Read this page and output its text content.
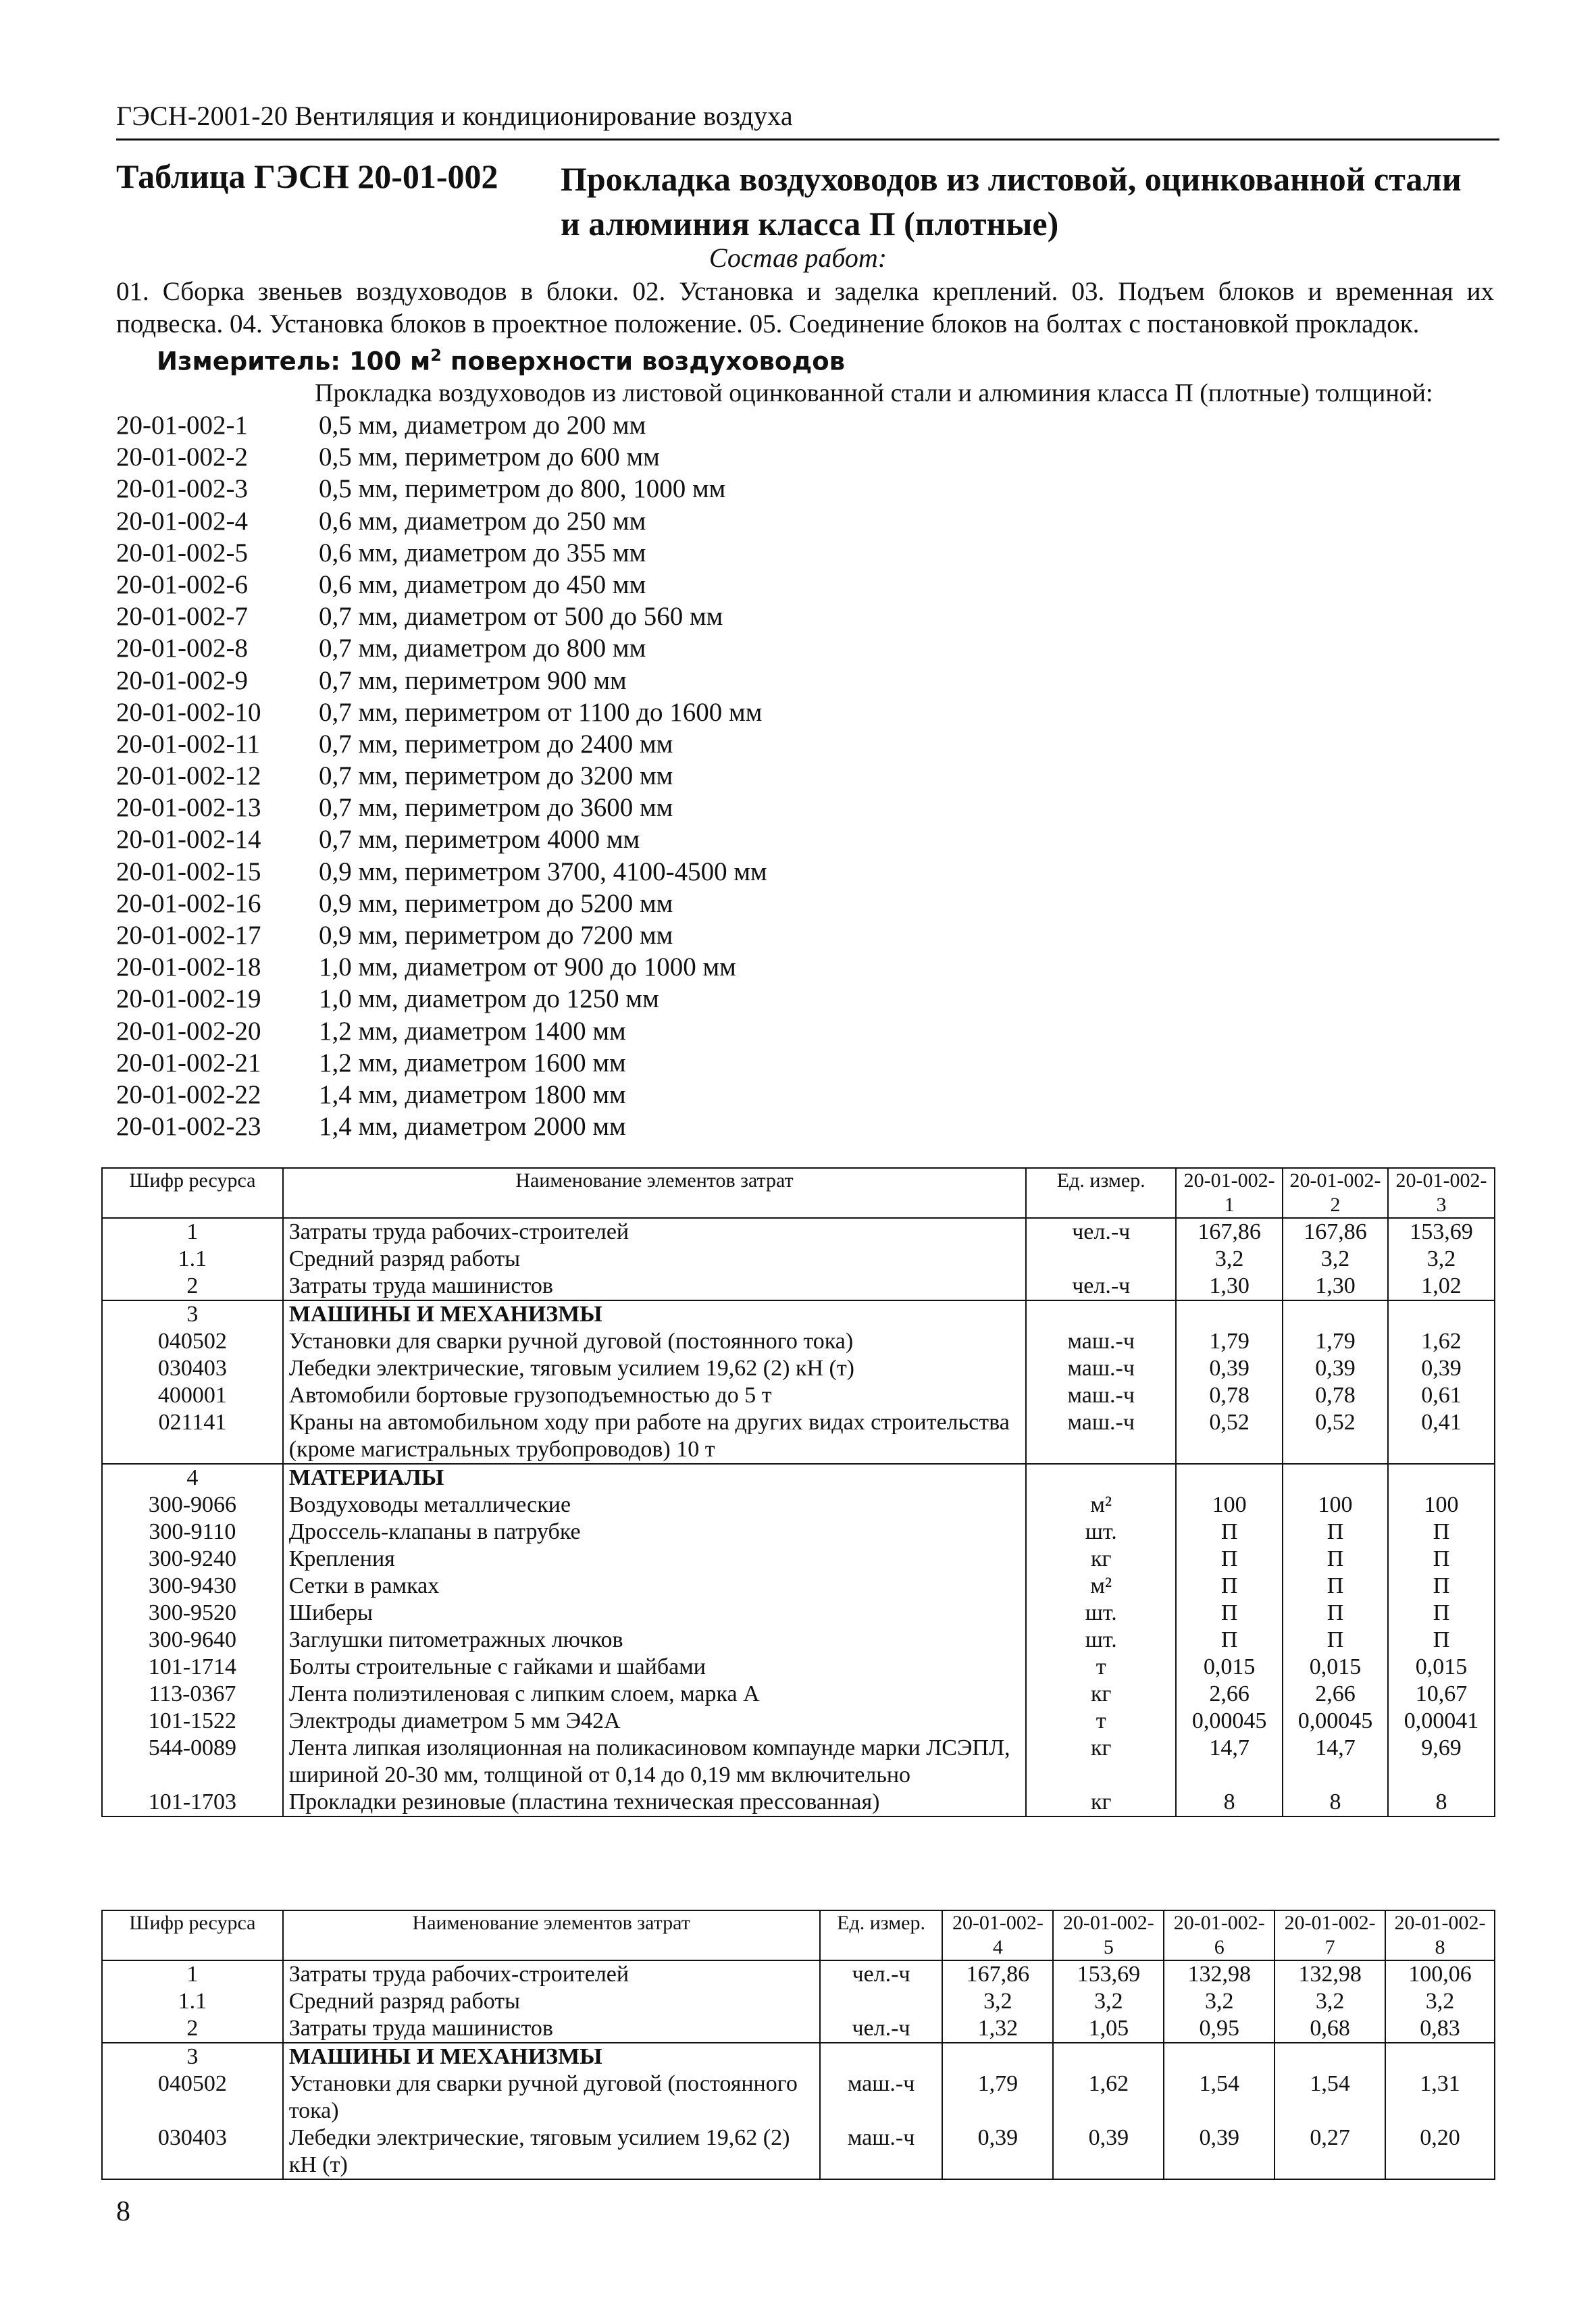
ГЭСН-2001-20 Вентиляция и кондиционирование воздуха
Таблица ГЭСН 20-01-002 Прокладка воздуховодов из листовой, оцинкованной стали
и алюминия класса П (плотные)
Состав работ:
01. Сборка звеньев воздуховодов в блоки. 02. Установка и заделка креплений. 03. Подъем блоков и временная их подвеска. 04. Установка блоков в проектное положение. 05. Соединение блоков на болтах с постановкой прокладок.
Измеритель: 100 $м^2$ поверхности воздуховодов
Прокладка воздуховодов из листовой оцинкованной стали и алюминия класса П (плотные) толщиной:
20-01-002-1	0,5 мм, диаметром до 200 мм
20-01-002-2	0,5 мм, периметром до 600 мм
20-01-002-3	0,5 мм, периметром до 800, 1000 мм
20-01-002-4	0,6 мм, диаметром до 250 мм
20-01-002-5	0,6 мм, диаметром до 355 мм
20-01-002-6	0,6 мм, диаметром до 450 мм
20-01-002-7	0,7 мм, диаметром от 500 до 560 мм
20-01-002-8	0,7 мм, диаметром до 800 мм
20-01-002-9	0,7 мм, периметром 900 мм
20-01-002-10 0,7 мм, периметром от 1100 до 1600 мм
20-01-002-11 0,7 мм, периметром до 2400 мм
20-01-002-12 0,7 мм, периметром до 3200 мм
20-01-002-13 0,7 мм, периметром до 3600 мм
20-01-002-14 0,7 мм, периметром 4000 мм
20-01-002-15 0,9 мм, периметром 3700, 4100-4500 мм
20-01-002-16 0,9 мм, периметром до 5200 мм
20-01-002-17 0,9 мм, периметром до 7200 мм
20-01-002-18 1,0 мм, диаметром от 900 до 1000 мм
20-01-002-19 1,0 мм, диаметром до 1250 мм
20-01-002-20 1,2 мм, диаметром 1400 мм
20-01-002-21 1,2 мм, диаметром 1600 мм
20-01-002-22 1,4 мм, диаметром 1800 мм
20-01-002-23 1,4 мм, диаметром 2000 мм
Шифр ресурса	Наименование элементов затрат	Ед. измер.	20-01-002-1	20-01-002-2	20-01-002-3
1	Затраты труда рабочих-строителей	чел.-ч	167,86	167,86	153,69
1.1	Средний разряд работы		3,2	3,2	3,2
2	Затраты труда машинистов	чел.-ч	1,30	1,30	1,02
3	МАШИНЫ И МЕХАНИЗМЫ				
040502	Установки для сварки ручной дуговой (постоянного тока)	маш.-ч	1,79	1,79	1,62
030403	Лебедки электрические, тяговым усилием 19,62 (2) кН (т)	маш.-ч	0,39	0,39	0,39
400001	Автомобили бортовые грузоподъемностью до 5 т	маш.-ч	0,78	0,78	0,61
021141	Краны на автомобильном ходу при работе на других видах строительства (кроме магистральных трубопроводов) 10 т	маш.-ч	0,52	0,52	0,41
4	МАТЕРИАЛЫ				
300-9066	Воздуховоды металлические	м²	100	100	100
300-9110	Дроссель-клапаны в патрубке	шт.	П	П	П
300-9240	Крепления	кг	П	П	П
300-9430	Сетки в рамках	м²	П	П	П
300-9520	Шиберы	шт.	П	П	П
300-9640	Заглушки питометражных лючков	шт.	П	П	П
101-1714	Болты строительные с гайками и шайбами	т	0,015	0,015	0,015
113-0367	Лента полиэтиленовая с липким слоем, марка А	кг	2,66	2,66	10,67
101-1522	Электроды диаметром 5 мм Э42А	т	0,00045	0,00045	0,00041
544-0089	Лента липкая изоляционная на поликасиновом компаунде марки ЛСЭПЛ, шириной 20-30 мм, толщиной от 0,14 до 0,19 мм включительно	кг	14,7	14,7	9,69
101-1703	Прокладки резиновые (пластина техническая прессованная)	кг	8	8	8
Шифр ресурса	Наименование элементов затрат	Ед. измер.	20-01-002-4	20-01-002-5	20-01-002-6	20-01-002-7	20-01-002-8
1	Затраты труда рабочих-строителей	чел.-ч	167,86	153,69	132,98	132,98	100,06
1.1	Средний разряд работы		3,2	3,2	3,2	3,2	3,2
2	Затраты труда машинистов	чел.-ч	1,32	1,05	0,95	0,68	0,83
3	МАШИНЫ И МЕХАНИЗМЫ						
040502	Установки для сварки ручной дуговой (постоянного тока)	маш.-ч	1,79	1,62	1,54	1,54	1,31
030403	Лебедки электрические, тяговым усилием 19,62 (2) кН (т)	маш.-ч	0,39	0,39	0,39	0,27	0,20
8
